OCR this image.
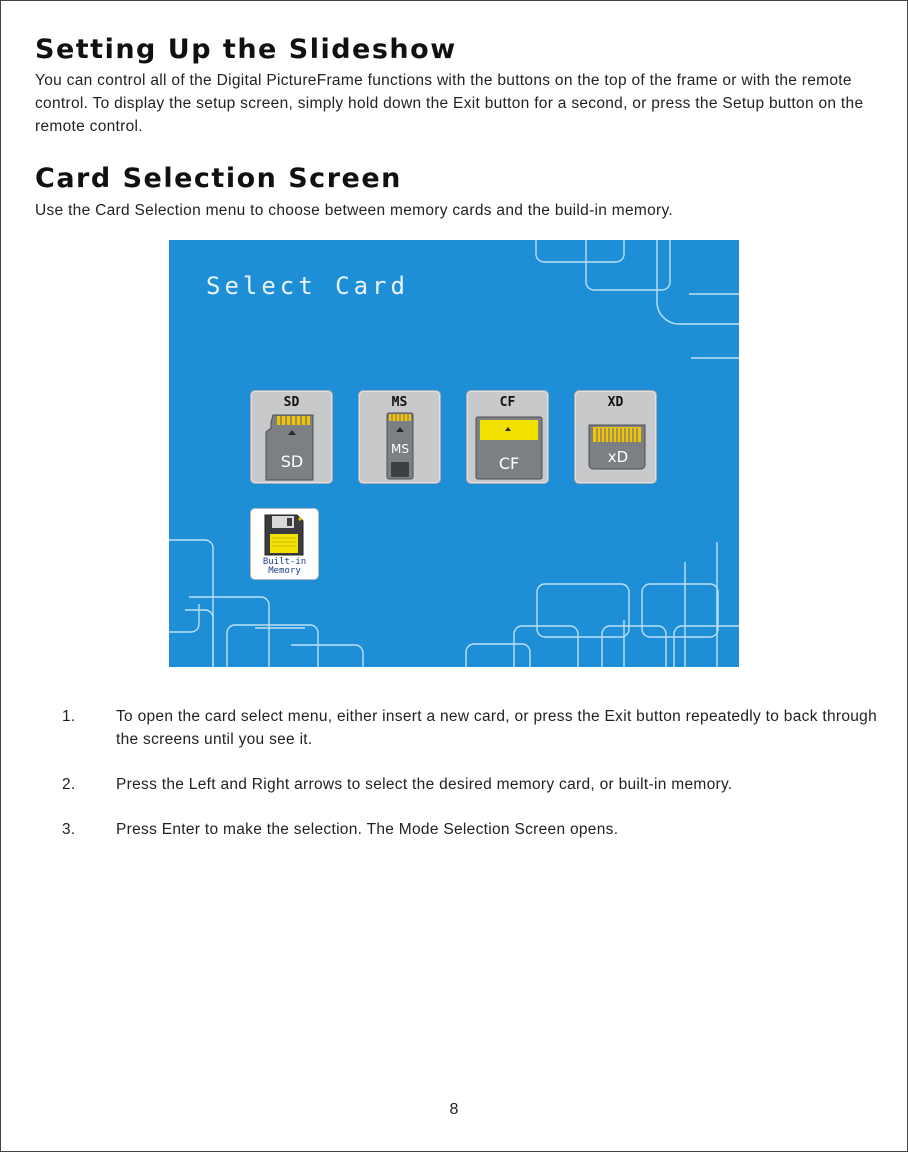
Setting Up the Slideshow

You can control all of the Digital PictureFrame functions with the buttons on the top of the frame or with the remote control. To display the setup screen, simply hold down the Exit button for a second, or press the Setup button on the remote control.

Card Selection Screen

Use the Card Selection menu to choose between memory cards and the build-in memory.

Select Card
SD
SD
MS
MS
CF
CF
XD
xD
Built-in
Memory
1.	To open the card select menu, either insert a new card, or press the Exit button repeatedly to back through the screens until you see it.
2.	Press the Left and Right arrows to select the desired memory card, or built-in memory.
3.	Press Enter to make the selection. The Mode Selection Screen opens.
8
